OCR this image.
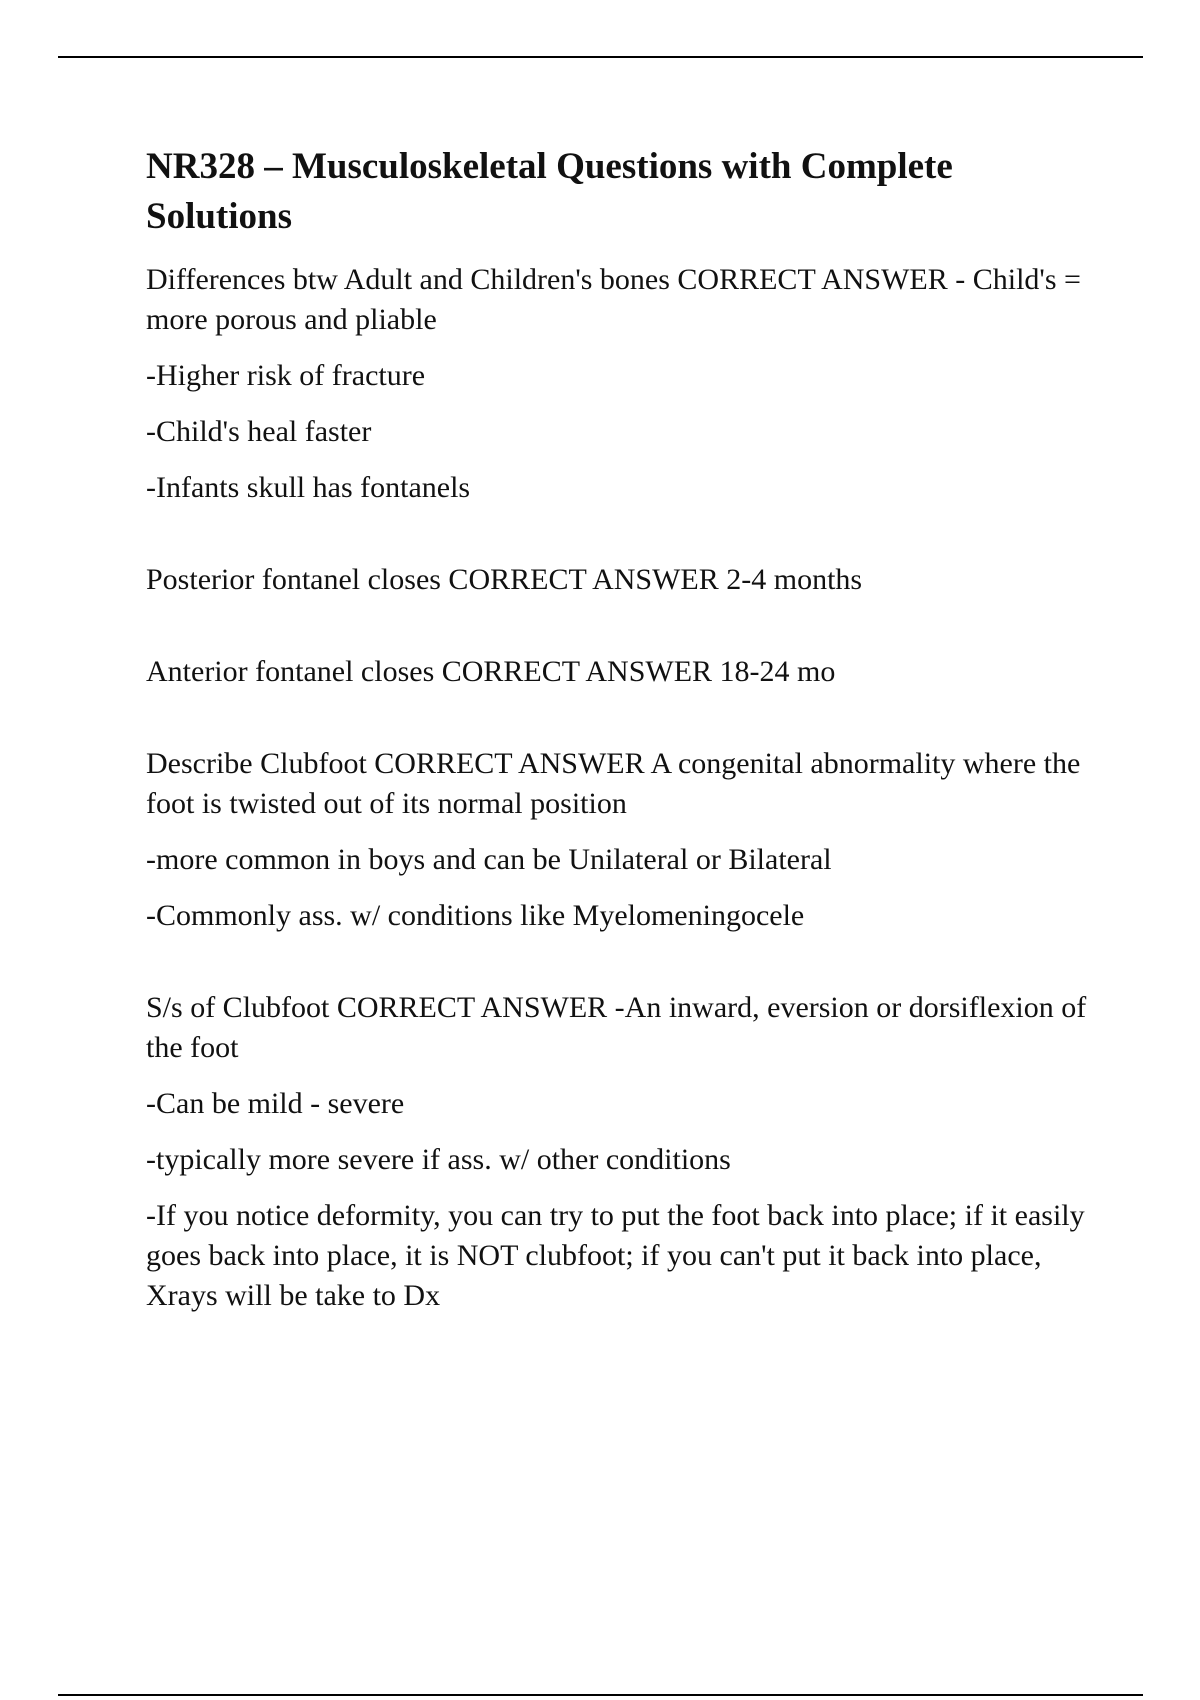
NR328 – Musculoskeletal Questions with Complete Solutions

Differences btw Adult and Children's bones CORRECT ANSWER - Child's = more porous and pliable

-Higher risk of fracture

-Child's heal faster

-Infants skull has fontanels

Posterior fontanel closes CORRECT ANSWER 2-4 months

Anterior fontanel closes CORRECT ANSWER 18-24 mo

Describe Clubfoot CORRECT ANSWER A congenital abnormality where the foot is twisted out of its normal position

-more common in boys and can be Unilateral or Bilateral

-Commonly ass. w/ conditions like Myelomeningocele

S/s of Clubfoot CORRECT ANSWER -An inward, eversion or dorsiflexion of the foot

-Can be mild - severe

-typically more severe if ass. w/ other conditions

-If you notice deformity, you can try to put the foot back into place; if it easily goes back into place, it is NOT clubfoot; if you can't put it back into place, Xrays will be take to Dx
